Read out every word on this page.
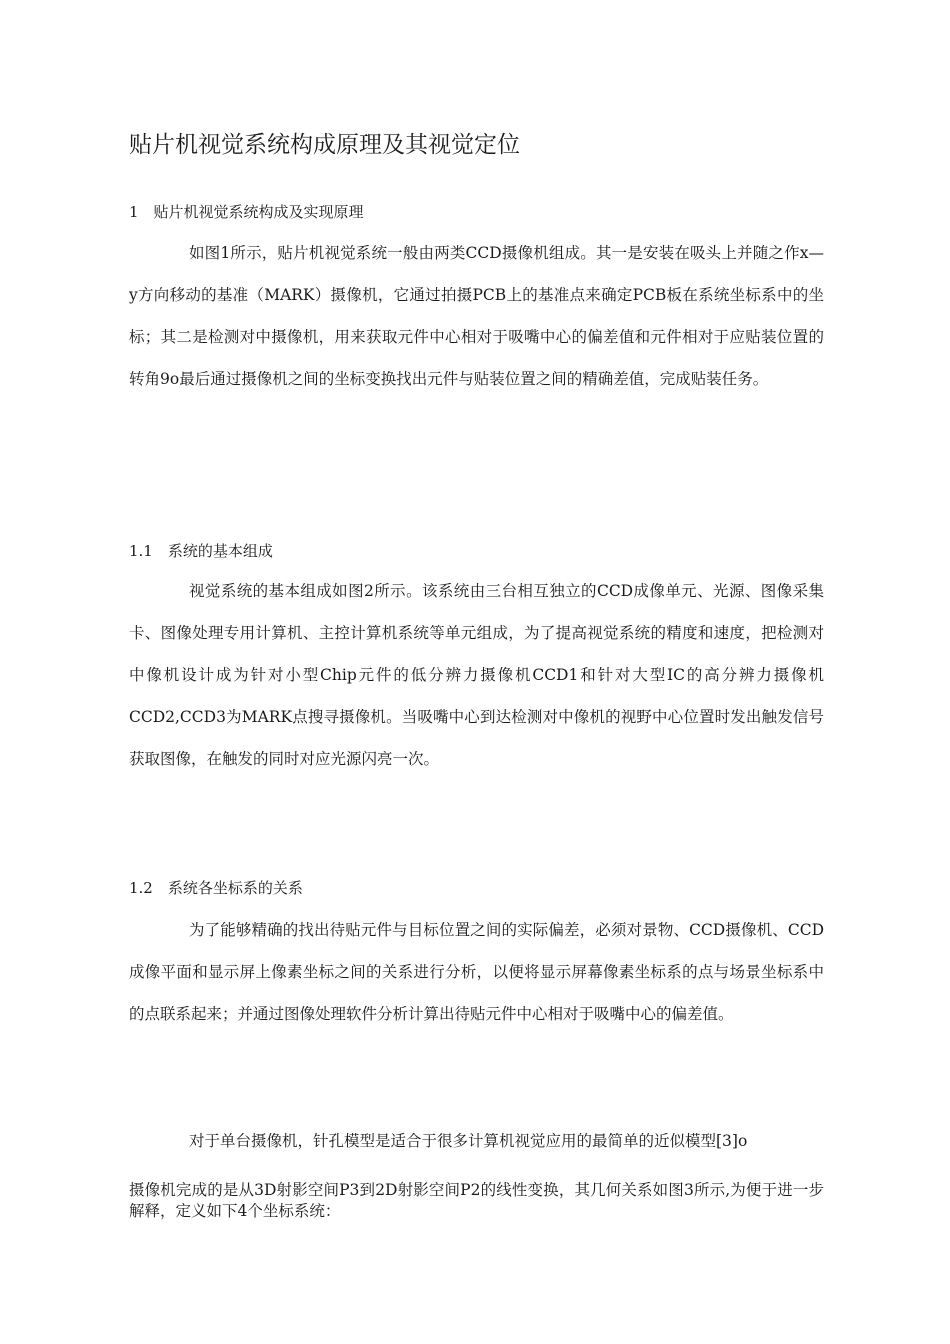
贴片机视觉系统构成原理及其视觉定位
1　贴片机视觉系统构成及实现原理
如图1所示，贴片机视觉系统一般由两类CCD摄像机组成。其一是安装在吸头上并随之作x—y方向移动的基准（MARK）摄像机，它通过拍摄PCB上的基准点来确定PCB板在系统坐标系中的坐标；其二是检测对中摄像机，用来获取元件中心相对于吸嘴中心的偏差值和元件相对于应贴装位置的转角9o最后通过摄像机之间的坐标变换找出元件与贴装位置之间的精确差值，完成贴装任务。
1.1　系统的基本组成
视觉系统的基本组成如图2所示。该系统由三台相互独立的CCD成像单元、光源、图像采集卡、图像处理专用计算机、主控计算机系统等单元组成，为了提高视觉系统的精度和速度，把检测对中像机设计成为针对小型Chip元件的低分辨力摄像机CCD1和针对大型IC的高分辨力摄像机CCD2,CCD3为MARK点搜寻摄像机。当吸嘴中心到达检测对中像机的视野中心位置时发出触发信号获取图像，在触发的同时对应光源闪亮一次。
1.2　系统各坐标系的关系
为了能够精确的找出待贴元件与目标位置之间的实际偏差，必须对景物、CCD摄像机、CCD成像平面和显示屏上像素坐标之间的关系进行分析，以便将显示屏幕像素坐标系的点与场景坐标系中的点联系起来；并通过图像处理软件分析计算出待贴元件中心相对于吸嘴中心的偏差值。
对于单台摄像机，针孔模型是适合于很多计算机视觉应用的最简单的近似模型[3]o
摄像机完成的是从3D射影空间P3到2D射影空间P2的线性变换，其几何关系如图3所示,为便于进一步解释，定义如下4个坐标系统：
